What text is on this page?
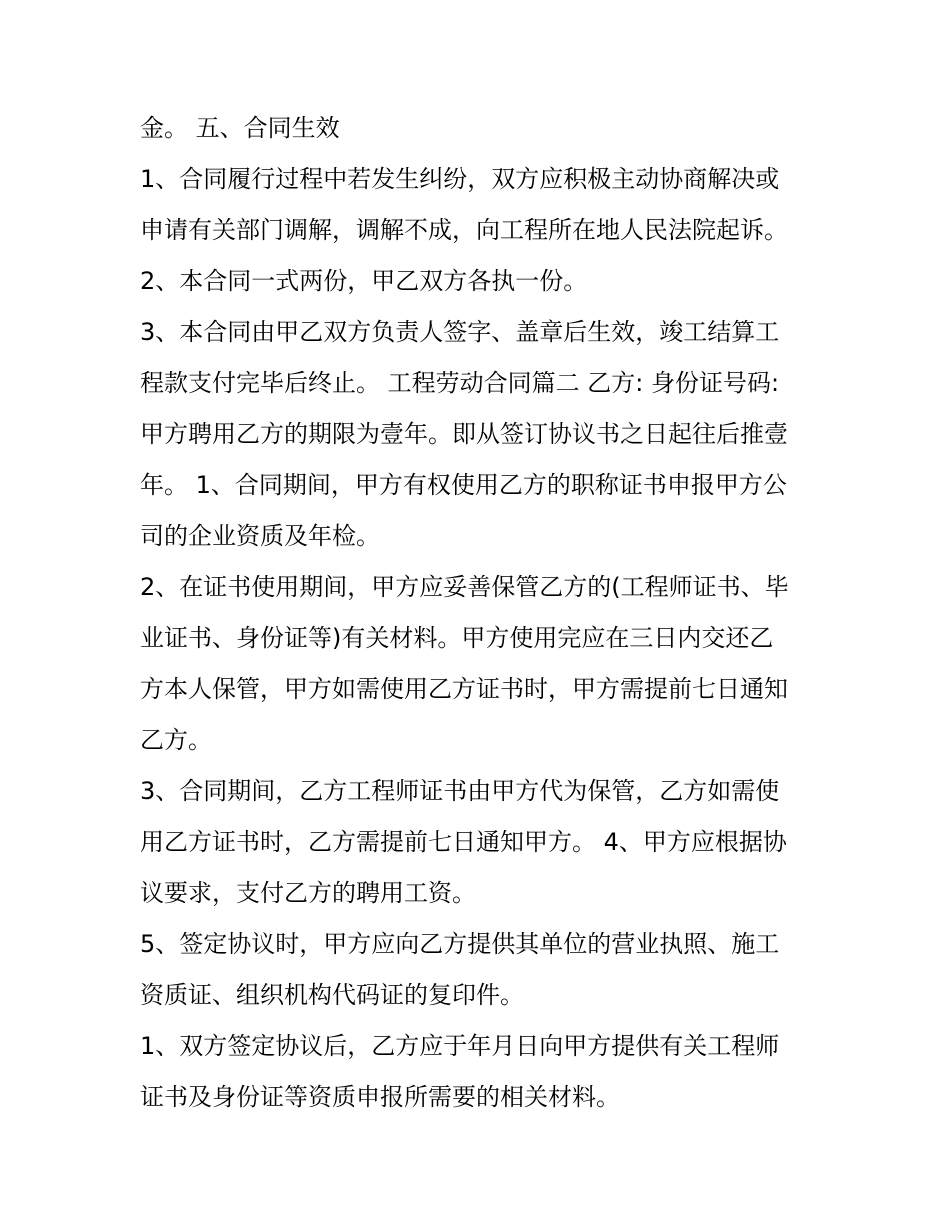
金。 五、合同生效
1、合同履行过程中若发生纠纷，双方应积极主动协商解决或
申请有关部门调解，调解不成，向工程所在地人民法院起诉。
2、本合同一式两份，甲乙双方各执一份。
3、本合同由甲乙双方负责人签字、盖章后生效，竣工结算工
程款支付完毕后终止。 工程劳动合同篇二 乙方: 身份证号码:
甲方聘用乙方的期限为壹年。即从签订协议书之日起往后推壹
年。 1、合同期间，甲方有权使用乙方的职称证书申报甲方公
司的企业资质及年检。
2、在证书使用期间，甲方应妥善保管乙方的(工程师证书、毕
业证书、身份证等)有关材料。甲方使用完应在三日内交还乙
方本人保管，甲方如需使用乙方证书时，甲方需提前七日通知
乙方。
3、合同期间，乙方工程师证书由甲方代为保管，乙方如需使
用乙方证书时，乙方需提前七日通知甲方。 4、甲方应根据协
议要求，支付乙方的聘用工资。
5、签定协议时，甲方应向乙方提供其单位的营业执照、施工
资质证、组织机构代码证的复印件。
1、双方签定协议后，乙方应于年月日向甲方提供有关工程师
证书及身份证等资质申报所需要的相关材料。
